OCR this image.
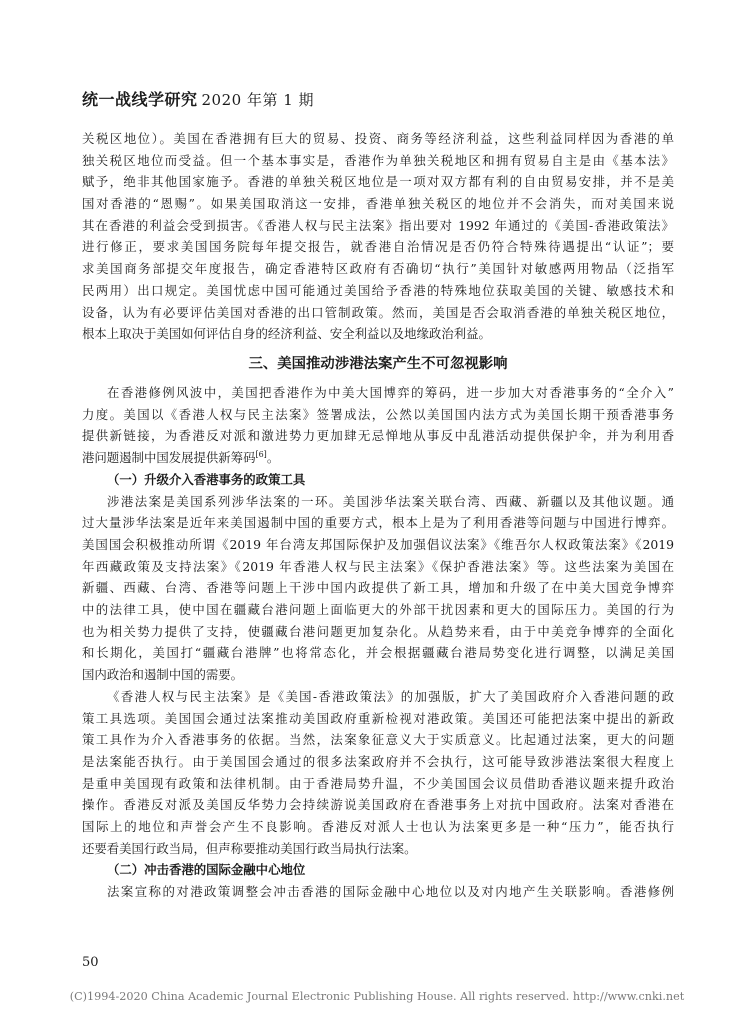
统一战线学研究 2020 年第 1 期
关税区地位）。美国在香港拥有巨大的贸易、投资、商务等经济利益，这些利益同样因为香港的单
独关税区地位而受益。但一个基本事实是，香港作为单独关税地区和拥有贸易自主是由《基本法》
赋予，绝非其他国家施予。香港的单独关税区地位是一项对双方都有利的自由贸易安排，并不是美
国对香港的“恩赐”。如果美国取消这一安排，香港单独关税区的地位并不会消失，而对美国来说
其在香港的利益会受到损害。《香港人权与民主法案》指出要对 1992 年通过的《美国-香港政策法》
进行修正，要求美国国务院每年提交报告，就香港自治情况是否仍符合特殊待遇提出“认证”；要
求美国商务部提交年度报告，确定香港特区政府有否确切“执行”美国针对敏感两用物品（泛指军
民两用）出口规定。美国忧虑中国可能通过美国给予香港的特殊地位获取美国的关键、敏感技术和
设备，认为有必要评估美国对香港的出口管制政策。然而，美国是否会取消香港的单独关税区地位，
根本上取决于美国如何评估自身的经济利益、安全利益以及地缘政治利益。
三、美国推动涉港法案产生不可忽视影响
在香港修例风波中，美国把香港作为中美大国博弈的筹码，进一步加大对香港事务的“全介入”
力度。美国以《香港人权与民主法案》签署成法，公然以美国国内法方式为美国长期干预香港事务
提供新链接，为香港反对派和激进势力更加肆无忌惮地从事反中乱港活动提供保护伞，并为利用香
港问题遏制中国发展提供新筹码[6]。
（一）升级介入香港事务的政策工具
涉港法案是美国系列涉华法案的一环。美国涉华法案关联台湾、西藏、新疆以及其他议题。通
过大量涉华法案是近年来美国遏制中国的重要方式，根本上是为了利用香港等问题与中国进行博弈。
美国国会积极推动所谓《2019 年台湾友邦国际保护及加强倡议法案》《维吾尔人权政策法案》《2019
年西藏政策及支持法案》《2019 年香港人权与民主法案》《保护香港法案》等。这些法案为美国在
新疆、西藏、台湾、香港等问题上干涉中国内政提供了新工具，增加和升级了在中美大国竞争博弈
中的法律工具，使中国在疆藏台港问题上面临更大的外部干扰因素和更大的国际压力。美国的行为
也为相关势力提供了支持，使疆藏台港问题更加复杂化。从趋势来看，由于中美竞争博弈的全面化
和长期化，美国打“疆藏台港牌”也将常态化，并会根据疆藏台港局势变化进行调整，以满足美国
国内政治和遏制中国的需要。
《香港人权与民主法案》是《美国-香港政策法》的加强版，扩大了美国政府介入香港问题的政
策工具选项。美国国会通过法案推动美国政府重新检视对港政策。美国还可能把法案中提出的新政
策工具作为介入香港事务的依据。当然，法案象征意义大于实质意义。比起通过法案，更大的问题
是法案能否执行。由于美国国会通过的很多法案政府并不会执行，这可能导致涉港法案很大程度上
是重申美国现有政策和法律机制。由于香港局势升温，不少美国国会议员借助香港议题来提升政治
操作。香港反对派及美国反华势力会持续游说美国政府在香港事务上对抗中国政府。法案对香港在
国际上的地位和声誉会产生不良影响。香港反对派人士也认为法案更多是一种“压力”，能否执行
还要看美国行政当局，但声称要推动美国行政当局执行法案。
（二）冲击香港的国际金融中心地位
法案宣称的对港政策调整会冲击香港的国际金融中心地位以及对内地产生关联影响。香港修例
50
(C)1994-2020 China Academic Journal Electronic Publishing House. All rights reserved. http://www.cnki.net
